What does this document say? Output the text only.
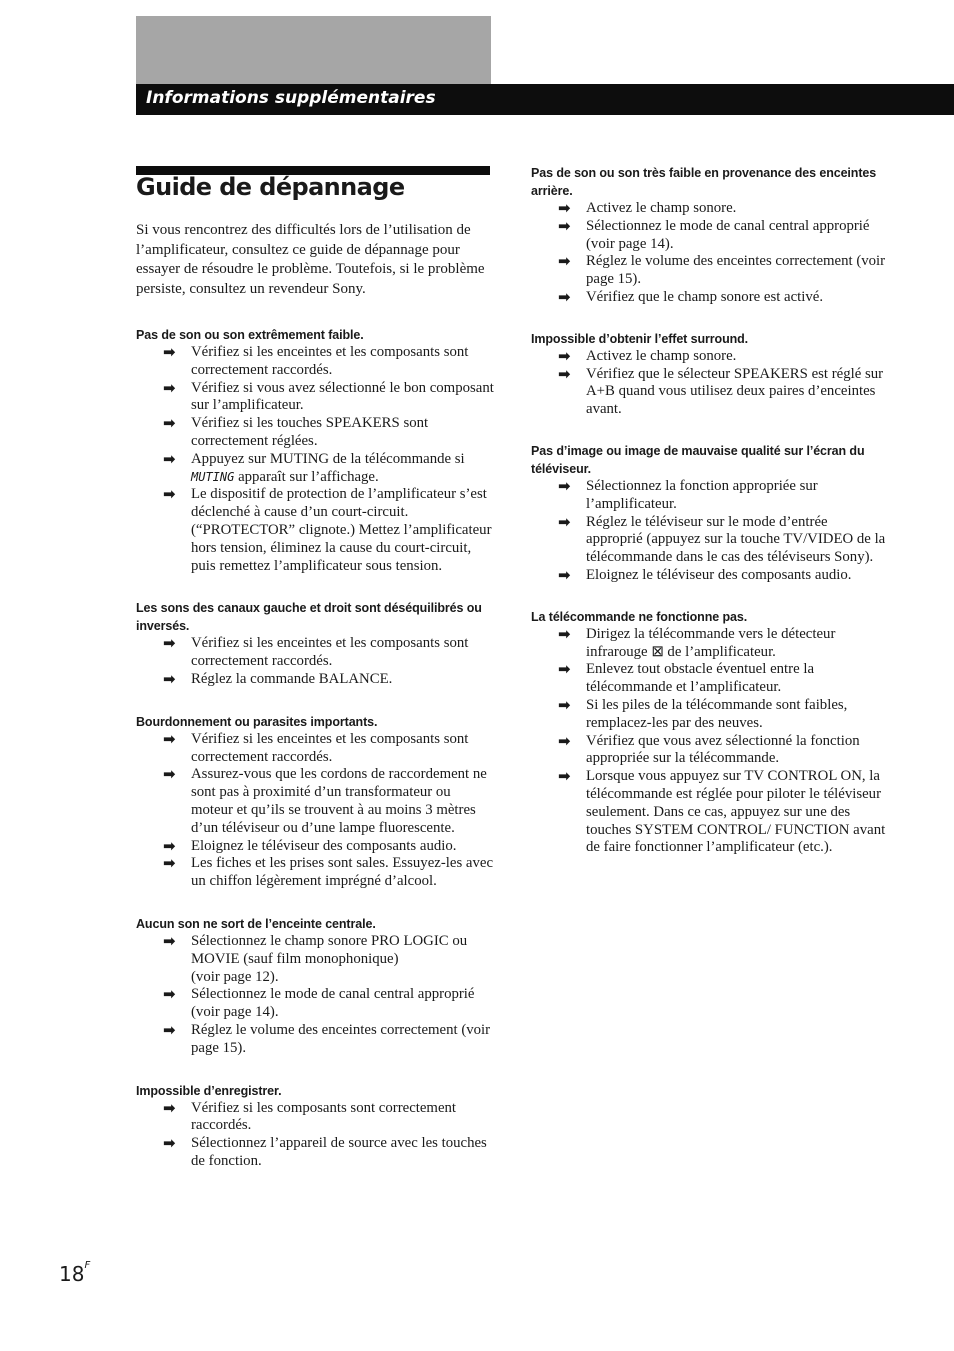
Informations supplémentaires
Guide de dépannage

Si vous rencontrez des difficultés lors de l’utilisation de l’amplificateur, consultez ce guide de dépannage pour essayer de résoudre le problème. Toutefois, si le problème persiste, consultez un revendeur Sony.

Pas de son ou son extrêmement faible.
➡ Vérifiez si les enceintes et les composants sont correctement raccordés.
➡ Vérifiez si vous avez sélectionné le bon composant sur l’amplificateur.
➡ Vérifiez si les touches SPEAKERS sont correctement réglées.
➡ Appuyez sur MUTING de la télécommande si MUTING apparaît sur l’affichage.
➡ Le dispositif de protection de l’amplificateur s’est déclenché à cause d’un court-circuit. (“PROTECTOR” clignote.) Mettez l’amplificateur hors tension, éliminez la cause du court-circuit, puis remettez l’amplificateur sous tension.
Les sons des canaux gauche et droit sont déséquilibrés ou inversés.
➡ Vérifiez si les enceintes et les composants sont correctement raccordés.
➡ Réglez la commande BALANCE.
Bourdonnement ou parasites importants.
➡ Vérifiez si les enceintes et les composants sont correctement raccordés.
➡ Assurez-vous que les cordons de raccordement ne sont pas à proximité d’un transformateur ou moteur et qu’ils se trouvent à au moins 3 mètres d’un téléviseur ou d’une lampe fluorescente.
➡ Eloignez le téléviseur des composants audio.
➡ Les fiches et les prises sont sales. Essuyez-les avec un chiffon légèrement imprégné d’alcool.
Aucun son ne sort de l’enceinte centrale.
➡ Sélectionnez le champ sonore PRO LOGIC ou MOVIE (sauf film monophonique)
(voir page 12).
➡ Sélectionnez le mode de canal central approprié (voir page 14).
➡ Réglez le volume des enceintes correctement (voir page 15).
Impossible d’enregistrer.
➡ Vérifiez si les composants sont correctement raccordés.
➡ Sélectionnez l’appareil de source avec les touches de fonction.
Pas de son ou son très faible en provenance des enceintes arrière.
➡ Activez le champ sonore.
➡ Sélectionnez le mode de canal central approprié (voir page 14).
➡ Réglez le volume des enceintes correctement (voir page 15).
➡ Vérifiez que le champ sonore est activé.
Impossible d’obtenir l’effet surround.
➡ Activez le champ sonore.
➡ Vérifiez que le sélecteur SPEAKERS est réglé sur A+B quand vous utilisez deux paires d’enceintes avant.
Pas d’image ou image de mauvaise qualité sur l’écran du téléviseur.
➡ Sélectionnez la fonction appropriée sur l’amplificateur.
➡ Réglez le téléviseur sur le mode d’entrée approprié (appuyez sur la touche TV/VIDEO de la télécommande dans le cas des téléviseurs Sony).
➡ Eloignez le téléviseur des composants audio.
La télécommande ne fonctionne pas.
➡ Dirigez la télécommande vers le détecteur infrarouge ⊠ de l’amplificateur.
➡ Enlevez tout obstacle éventuel entre la télécommande et l’amplificateur.
➡ Si les piles de la télécommande sont faibles, remplacez-les par des neuves.
➡ Vérifiez que vous avez sélectionné la fonction appropriée sur la télécommande.
➡ Lorsque vous appuyez sur TV CONTROL ON, la télécommande est réglée pour piloter le téléviseur seulement. Dans ce cas, appuyez sur une des touches SYSTEM CONTROL/ FUNCTION avant de faire fonctionner l’amplificateur (etc.).
$18^F$
